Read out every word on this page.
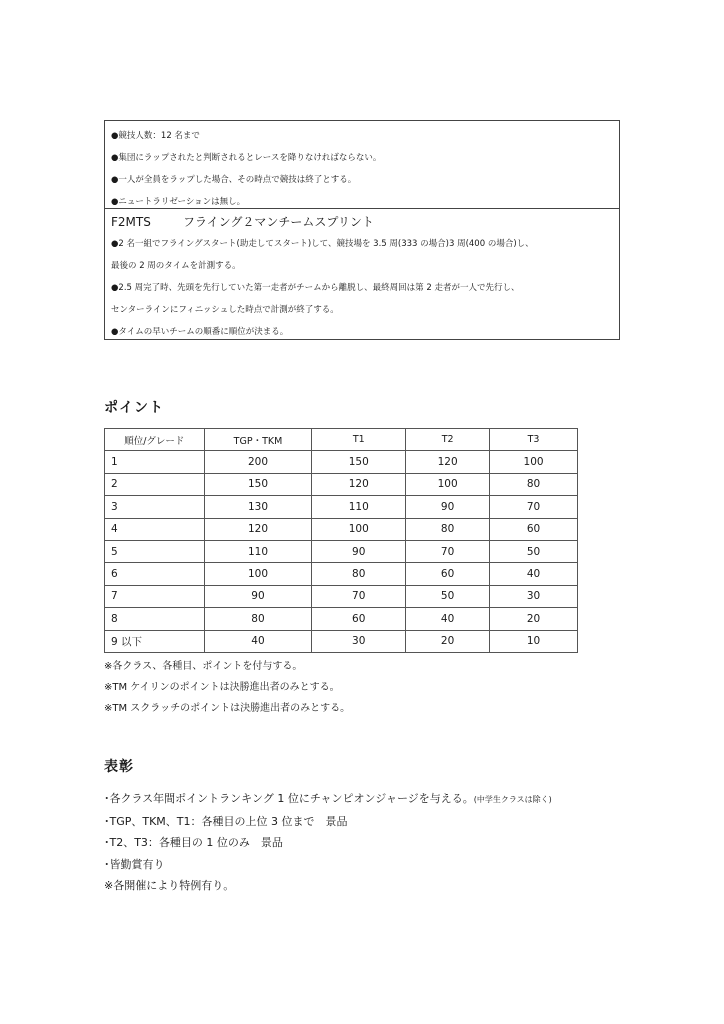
●競技人数：12 名まで
●集団にラップされたと判断されるとレースを降りなければならない。
●一人が全員をラップした場合、その時点で競技は終了とする。
●ニュートラリゼーションは無し。
F2MTS	フライング２マンチームスプリント
●2 名一組でフライングスタート(助走してスタート)して、競技場を 3.5 周(333 の場合)3 周(400 の場合)し、
最後の 2 周のタイムを計測する。
●2.5 周完了時、先頭を先行していた第一走者がチームから離脱し、最終周回は第 2 走者が一人で先行し、
センターラインにフィニッシュした時点で計測が終了する。
●タイムの早いチームの順番に順位が決まる。
ポイント
順位/グレード	TGP・TKM	T1	T2	T3
1	200	150	120	100
2	150	120	100	80
3	130	110	90	70
4	120	100	80	60
5	110	90	70	50
6	100	80	60	40
7	90	70	50	30
8	80	60	40	20
9 以下	40	30	20	10
※各クラス、各種目、ポイントを付与する。
※TM ケイリンのポイントは決勝進出者のみとする。
※TM スクラッチのポイントは決勝進出者のみとする。
表彰
･各クラス年間ポイントランキング 1 位にチャンピオンジャージを与える。(中学生クラスは除く)
･TGP、TKM、T1：各種目の上位 3 位まで　景品
･T2、T3：各種目の 1 位のみ　景品
･皆勤賞有り
※各開催により特例有り。
